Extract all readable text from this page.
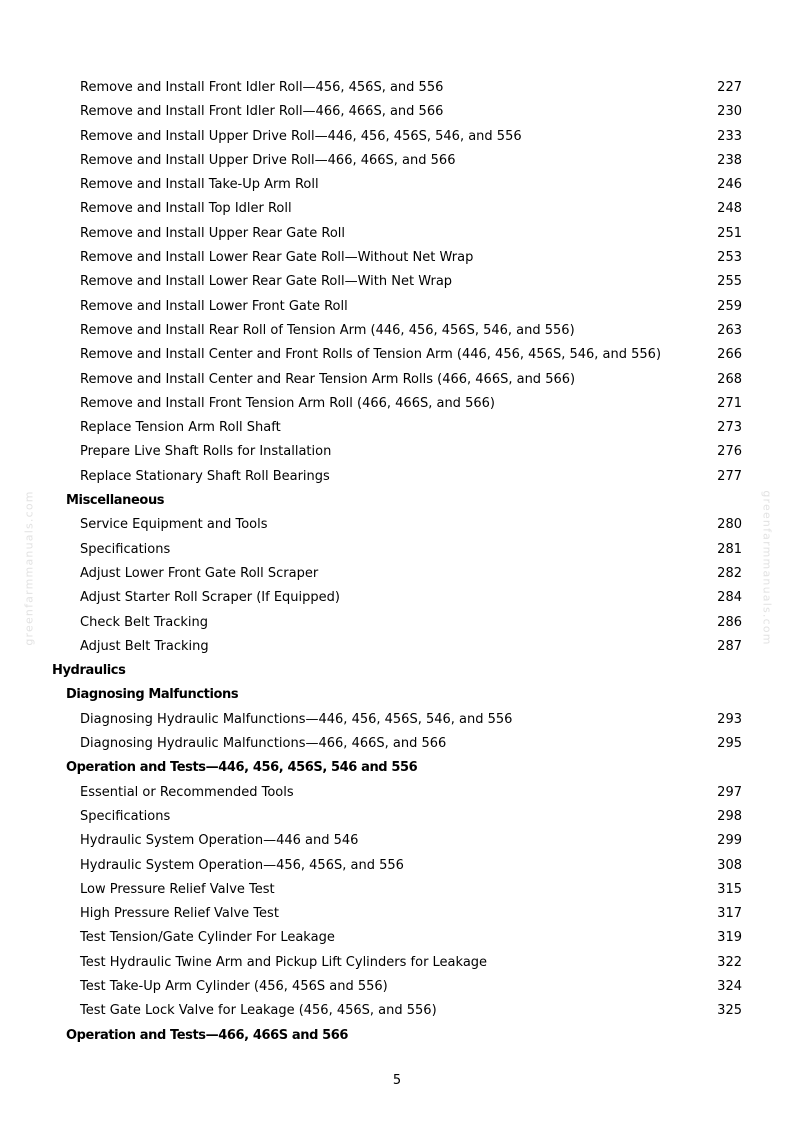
Remove and Install Front Idler Roll—456, 456S, and 556	227
Remove and Install Front Idler Roll—466, 466S, and 566	230
Remove and Install Upper Drive Roll—446, 456, 456S, 546, and 556	233
Remove and Install Upper Drive Roll—466, 466S, and 566	238
Remove and Install Take-Up Arm Roll	246
Remove and Install Top Idler Roll	248
Remove and Install Upper Rear Gate Roll	251
Remove and Install Lower Rear Gate Roll—Without Net Wrap	253
Remove and Install Lower Rear Gate Roll—With Net Wrap	255
Remove and Install Lower Front Gate Roll	259
Remove and Install Rear Roll of Tension Arm (446, 456, 456S, 546, and 556)	263
Remove and Install Center and Front Rolls of Tension Arm (446, 456, 456S, 546, and 556)	266
Remove and Install Center and Rear Tension Arm Rolls (466, 466S, and 566)	268
Remove and Install Front Tension Arm Roll (466, 466S, and 566)	271
Replace Tension Arm Roll Shaft	273
Prepare Live Shaft Rolls for Installation	276
Replace Stationary Shaft Roll Bearings	277
Miscellaneous
Service Equipment and Tools	280
Specifications	281
Adjust Lower Front Gate Roll Scraper	282
Adjust Starter Roll Scraper (If Equipped)	284
Check Belt Tracking	286
Adjust Belt Tracking	287
Hydraulics
Diagnosing Malfunctions
Diagnosing Hydraulic Malfunctions—446, 456, 456S, 546, and 556	293
Diagnosing Hydraulic Malfunctions—466, 466S, and 566	295
Operation and Tests—446, 456, 456S, 546 and 556
Essential or Recommended Tools	297
Specifications	298
Hydraulic System Operation—446 and 546	299
Hydraulic System Operation—456, 456S, and 556	308
Low Pressure Relief Valve Test	315
High Pressure Relief Valve Test	317
Test Tension/Gate Cylinder For Leakage	319
Test Hydraulic Twine Arm and Pickup Lift Cylinders for Leakage	322
Test Take-Up Arm Cylinder (456, 456S and 556)	324
Test Gate Lock Valve for Leakage (456, 456S, and 556)	325
Operation and Tests—466, 466S and 566
greenfarmmanuals.com	greenfarmmanuals.com
5
